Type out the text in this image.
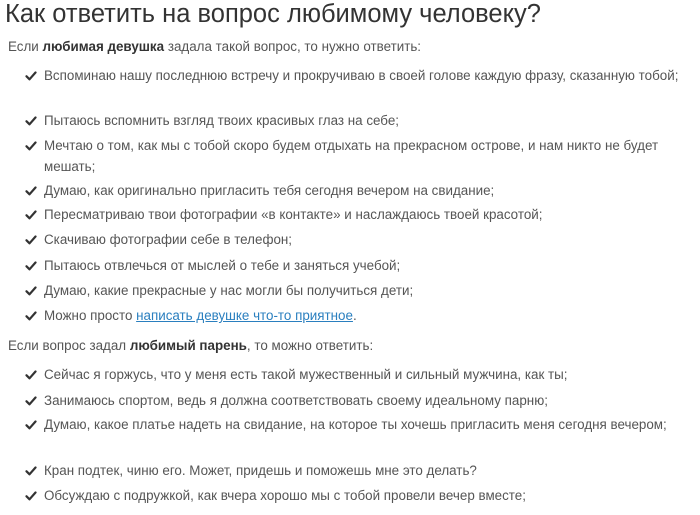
Как ответить на вопрос любимому человеку?
Если любимая девушка задала такой вопрос, то нужно ответить:
Вспоминаю нашу последнюю встречу и прокручиваю в своей голове каждую фразу, сказанную тобой;
Пытаюсь вспомнить взгляд твоих красивых глаз на себе;
Мечтаю о том, как мы с тобой скоро будем отдыхать на прекрасном острове, и нам никто не будет мешать;
Думаю, как оригинально пригласить тебя сегодня вечером на свидание;
Пересматриваю твои фотографии «в контакте» и наслаждаюсь твоей красотой;
Скачиваю фотографии себе в телефон;
Пытаюсь отвлечься от мыслей о тебе и заняться учебой;
Думаю, какие прекрасные у нас могли бы получиться дети;
Можно просто написать девушке что-то приятное.
Если вопрос задал любимый парень, то можно ответить:
Сейчас я горжусь, что у меня есть такой мужественный и сильный мужчина, как ты;
Занимаюсь спортом, ведь я должна соответствовать своему идеальному парню;
Думаю, какое платье надеть на свидание, на которое ты хочешь пригласить меня сегодня вечером;
Кран подтек, чиню его. Может, придешь и поможешь мне это делать?
Обсуждаю с подружкой, как вчера хорошо мы с тобой провели вечер вместе;
